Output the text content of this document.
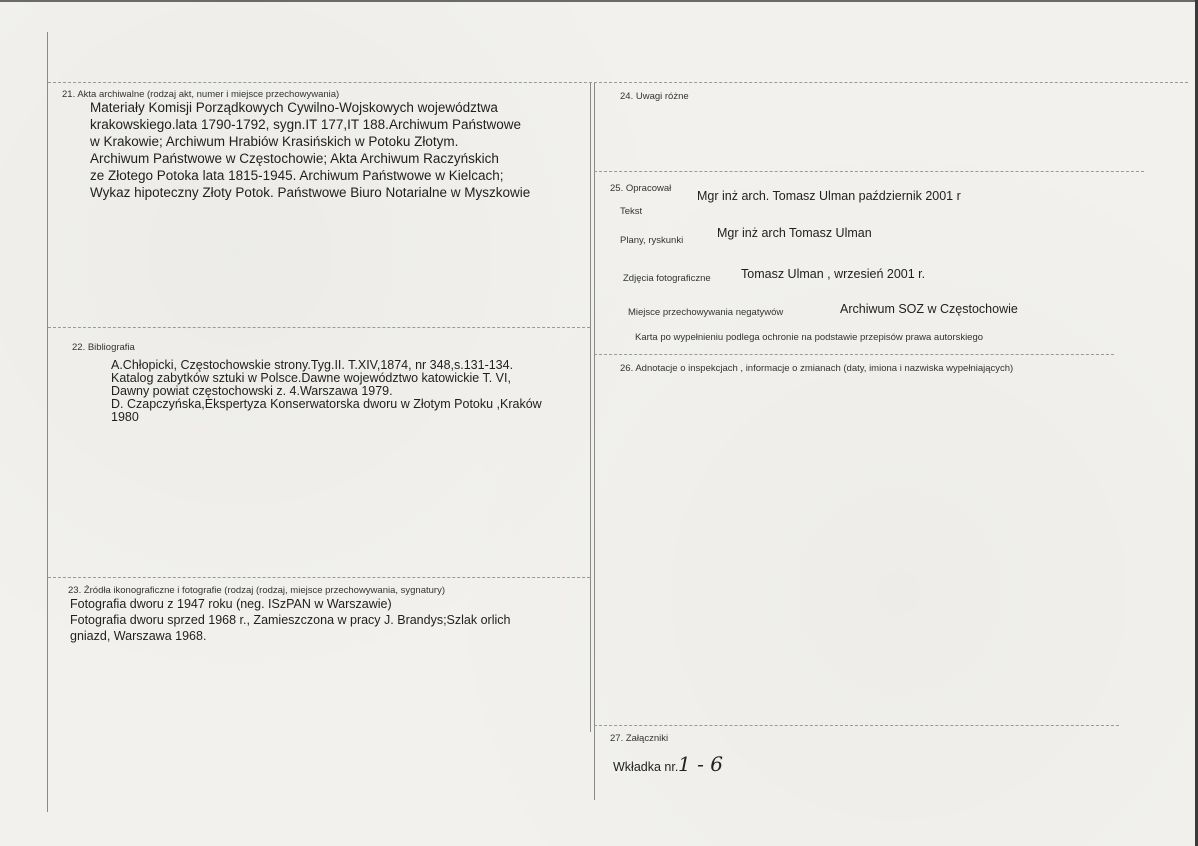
21. Akta archiwalne (rodzaj akt, numer i miejsce przechowywania)
Materiały Komisji Porządkowych Cywilno-Wojskowych województwa
krakowskiego.lata 1790-1792, sygn.IT 177,IT 188.Archiwum Państwowe
w Krakowie; Archiwum Hrabiów Krasińskich w Potoku Złotym.
Archiwum Państwowe w Częstochowie; Akta Archiwum Raczyńskich
ze Złotego Potoka lata 1815-1945. Archiwum Państwowe w Kielcach;
Wykaz hipoteczny Złoty Potok. Państwowe Biuro Notarialne w Myszkowie
22. Bibliografia
A.Chłopicki, Częstochowskie strony.Tyg.II. T.XIV,1874, nr 348,s.131-134.
Katalog zabytków sztuki w Polsce.Dawne województwo katowickie T. VI,
Dawny powiat częstochowski z. 4.Warszawa 1979.
D. Czapczyńska,Ekspertyza Konserwatorska dworu w Złotym Potoku ,Kraków
1980
23. Źródła ikonograficzne i fotografie (rodzaj (rodzaj, miejsce przechowywania, sygnatury)
Fotografia dworu z 1947 roku (neg. ISzPAN w Warszawie)
Fotografia dworu sprzed 1968 r., Zamieszczona w pracy J. Brandys;Szlak orlich
gniazd, Warszawa 1968.
24. Uwagi różne
25. Opracował
Tekst
Mgr inż arch. Tomasz Ulman październik 2001 r
Plany, ryskunki
Mgr inż arch Tomasz Ulman
Zdjęcia fotograficzne Tomasz Ulman , wrzesień 2001 r.
Miejsce przechowywania negatywów	Archiwum SOZ w Częstochowie
Karta po wypełnieniu podlega ochronie na podstawie przepisów prawa autorskiego
26. Adnotacje o inspekcjach , informacje o zmianach (daty, imiona i nazwiska wypełniających)
27. Załączniki
Wkładka nr. 1 - 6
